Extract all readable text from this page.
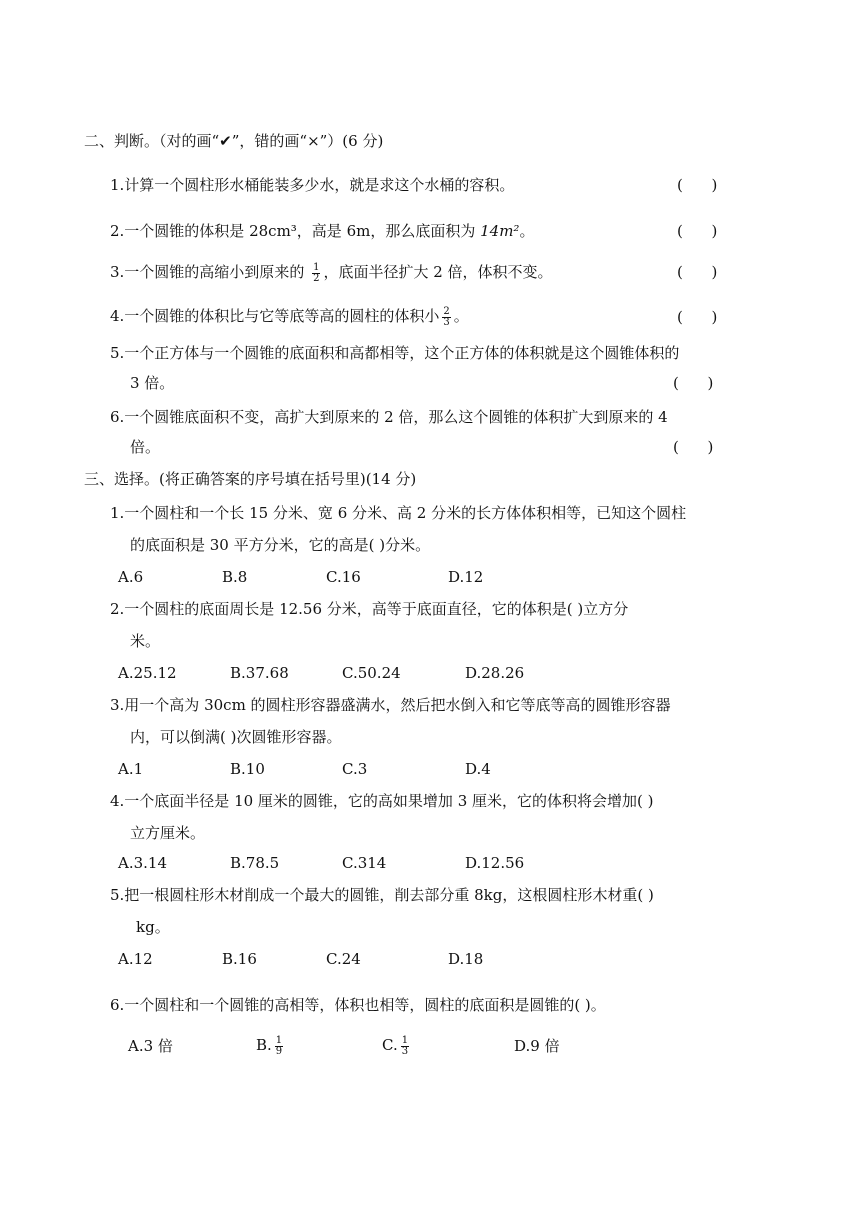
二、判断。（对的画“✔”，错的画“×”）(6 分)
1.计算一个圆柱形水桶能装多少水，就是求这个水桶的容积。	(      )
2.一个圆锥的体积是 28cm³，高是 6m，那么底面积为 14m²。	(      )
3.一个圆锥的高缩小到原来的 $\frac{1}{2}$ ，底面半径扩大 2 倍，体积不变。	(      )
4.一个圆锥的体积比与它等底等高的圆柱的体积小 $\frac{2}{3}$ 。	(      )
5.一个正方体与一个圆锥的底面积和高都相等，这个正方体的体积就是这个圆锥体积的
3 倍。	(      )
6.一个圆锥底面积不变，高扩大到原来的 2 倍，那么这个圆锥的体积扩大到原来的 4
倍。	(      )
三、选择。(将正确答案的序号填在括号里)(14 分)
1.一个圆柱和一个长 15 分米、宽 6 分米、高 2 分米的长方体体积相等，已知这个圆柱
的底面积是 30 平方分米，它的高是( )分米。
A.6	B.8	C.16	D.12
2.一个圆柱的底面周长是 12.56 分米，高等于底面直径，它的体积是( )立方分
米。
A.25.12	B.37.68	C.50.24	D.28.26
3.用一个高为 30cm 的圆柱形容器盛满水，然后把水倒入和它等底等高的圆锥形容器
内，可以倒满( )次圆锥形容器。
A.1	B.10	C.3	D.4
4.一个底面半径是 10 厘米的圆锥，它的高如果增加 3 厘米，它的体积将会增加( )
立方厘米。
A.3.14	B.78.5	C.314	D.12.56
5.把一根圆柱形木材削成一个最大的圆锥，削去部分重 8kg，这根圆柱形木材重( )
kg。
A.12	B.16	C.24	D.18
6.一个圆柱和一个圆锥的高相等，体积也相等，圆柱的底面积是圆锥的( )。
A.3 倍	B. $\frac{1}{9}$	C. $\frac{1}{3}$	D.9 倍
